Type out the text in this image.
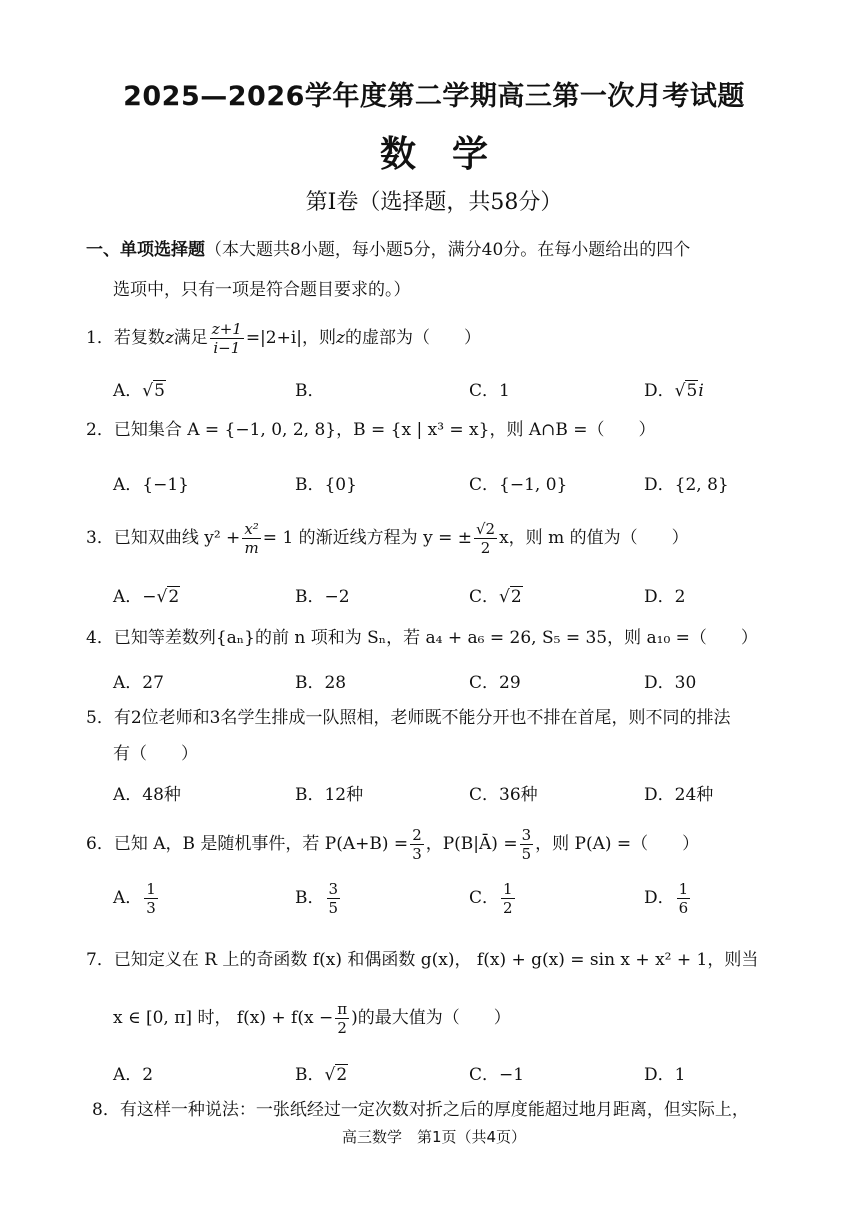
2025—2026学年度第二学期高三第一次月考试题
数学
第Ⅰ卷（选择题，共58分）
一、单项选择题（本大题共8小题，每小题5分，满分40分。在每小题给出的四个
选项中，只有一项是符合题目要求的。）
1．若复数z满足 $\frac{z+1}{i-1} =|2+i|$，则z的虚部为（　　）
A．√5	B．	C．1	D．√5i
2．已知集合 A = {−1, 0, 2, 8}，B = {x | x³ = x}，则 A∩B =（　　）
A．{−1}	B．{0}	C．{−1, 0}	D．{2, 8}
3．已知双曲线 $y^2 + \frac{\text{x²}}{m} = 1$ 的渐近线方程为 y = ± $\frac{√2}{2}$ x，则 m 的值为（　　）
A．−√2	B．−2	C．√2	D．2
4．已知等差数列{aₙ}的前 n 项和为 Sₙ，若 a₄ + a₆ = 26, S₅ = 35，则 a₁₀ =（　　）
A．27	B．28	C．29	D．30
5．有2位老师和3名学生排成一队照相，老师既不能分开也不排在首尾，则不同的排法
有（　　）
A．48种	B．12种	C．36种	D．24种
6．已知 A，B 是随机事件，若 $P(A+B) = \frac{2}{3}$ ，P(B|Ā) = $\frac{3}{5}$ ，则 P(A) =（　　）
A． $\frac{1}{3}$	B． $\frac{3}{5}$	C． $\frac{1}{2}$	D． $\frac{1}{6}$
7．已知定义在 R 上的奇函数 f(x) 和偶函数 g(x)， f(x) + g(x) = sin x + x² + 1，则当
x ∈ [0, π] 时， $f(x) + f(x - \frac{\pi}{2}$ )的最大值为（　　）
A．2	B．√2	C．−1	D．1
8．有这样一种说法：一张纸经过一定次数对折之后的厚度能超过地月距离，但实际上，
高三数学　第1页（共4页）
